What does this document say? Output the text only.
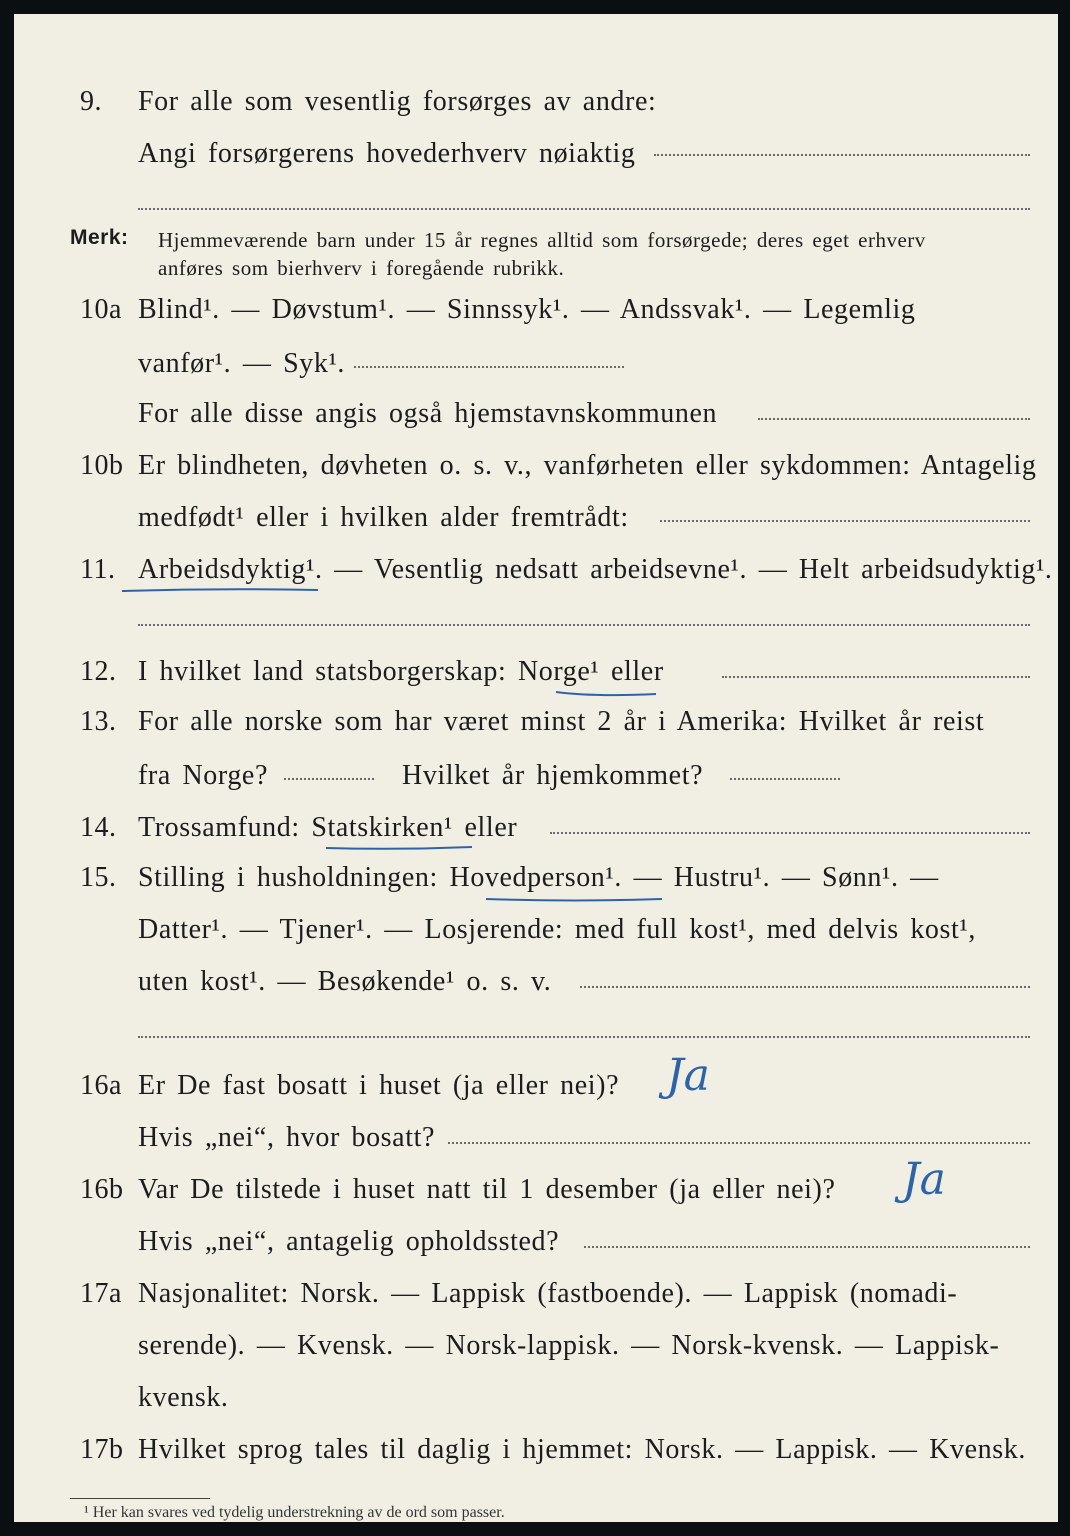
9. For alle som vesentlig forsørges av andre:
Angi forsørgerens hovederhverv nøiaktig
Merk: Hjemmeværende barn under 15 år regnes alltid som forsørgede; deres eget erhverv
anføres som bierhverv i foregående rubrikk.
10a Blind¹. — Døvstum¹. — Sinnssyk¹. — Andssvak¹. — Legemlig
vanfør¹. — Syk¹.
For alle disse angis også hjemstavnskommunen
10b Er blindheten, døvheten o. s. v., vanførheten eller sykdommen: Antagelig
medfødt¹ eller i hvilken alder fremtrådt:
11. Arbeidsdyktig¹. — Vesentlig nedsatt arbeidsevne¹. — Helt arbeidsudyktig¹.
12. I hvilket land statsborgerskap: Norge¹ eller
13. For alle norske som har været minst 2 år i Amerika: Hvilket år reist
fra Norge?	Hvilket år hjemkommet?
14. Trossamfund: Statskirken¹ eller
15. Stilling i husholdningen: Hovedperson¹. — Hustru¹. — Sønn¹. —
Datter¹. — Tjener¹. — Losjerende: med full kost¹, med delvis kost¹,
uten kost¹. — Besøkende¹ o. s. v.
16a Er De fast bosatt i huset (ja eller nei)? Ja
Hvis „nei“, hvor bosatt?
16b Var De tilstede i huset natt til 1 desember (ja eller nei)? Ja
Hvis „nei“, antagelig opholdssted?
17a Nasjonalitet: Norsk. — Lappisk (fastboende). — Lappisk (nomadi-
serende). — Kvensk. — Norsk-lappisk. — Norsk-kvensk. — Lappisk-
kvensk.
17b Hvilket sprog tales til daglig i hjemmet: Norsk. — Lappisk. — Kvensk.
¹ Her kan svares ved tydelig understrekning av de ord som passer.
